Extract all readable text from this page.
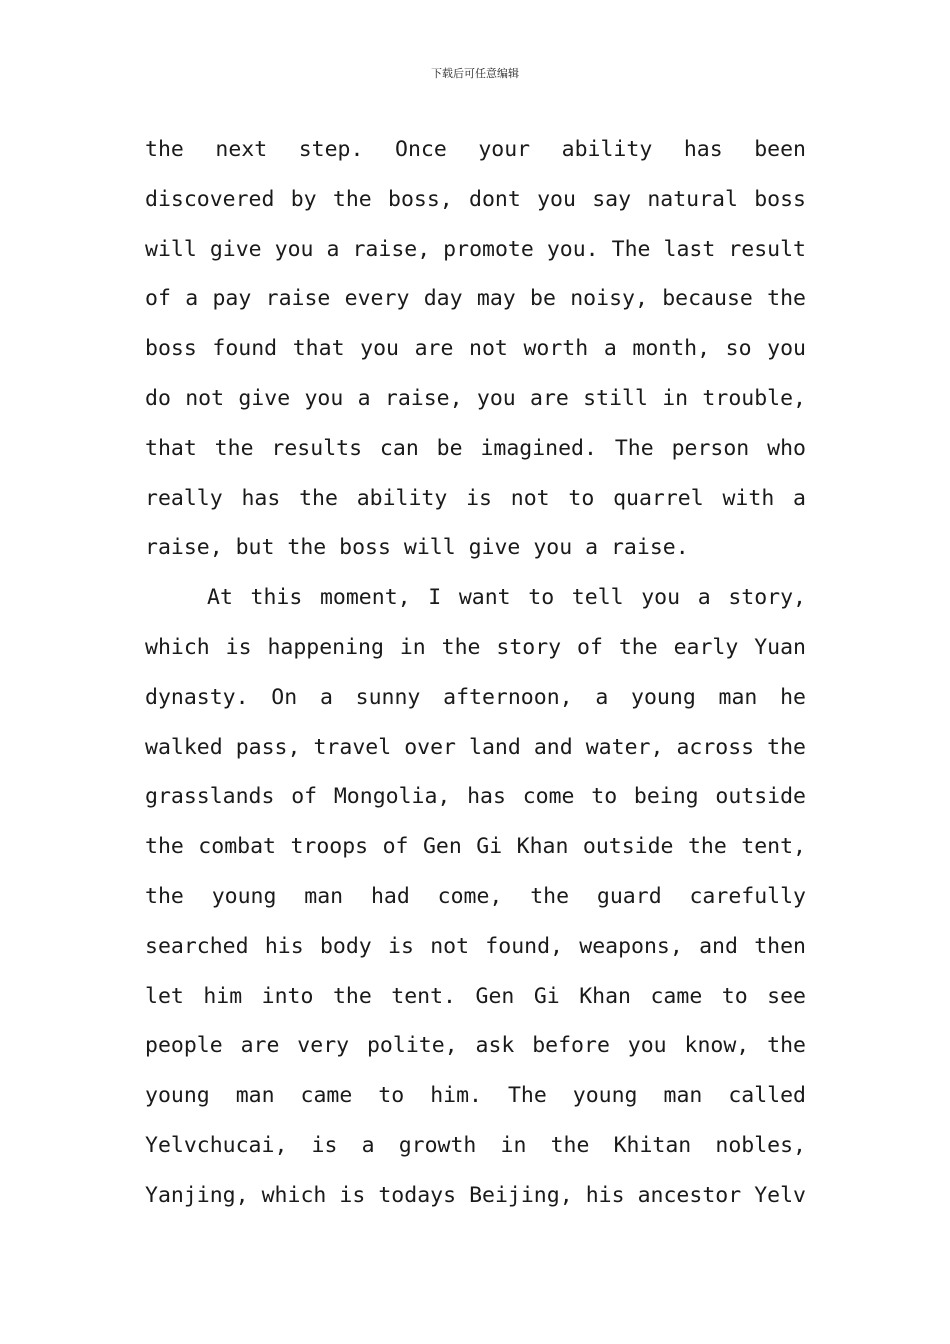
下载后可任意编辑
the next step. Once your ability has been
discovered by the boss, dont you say natural boss
will give you a raise, promote you. The last result
of a pay raise every day may be noisy, because the
boss found that you are not worth a month, so you
do not give you a raise, you are still in trouble,
that the results can be imagined. The person who
really has the ability is not to quarrel with a
raise, but the boss will give you a raise.
At this moment, I want to tell you a story,
which is happening in the story of the early Yuan
dynasty. On a sunny afternoon, a young man he
walked pass, travel over land and water, across the
grasslands of Mongolia, has come to being outside
the combat troops of Gen Gi Khan outside the tent,
the young man had come, the guard carefully
searched his body is not found, weapons, and then
let him into the tent. Gen Gi Khan came to see
people are very polite, ask before you know, the
young man came to him. The young man called
Yelvchucai, is a growth in the Khitan nobles,
Yanjing, which is todays Beijing, his ancestor Yelv
